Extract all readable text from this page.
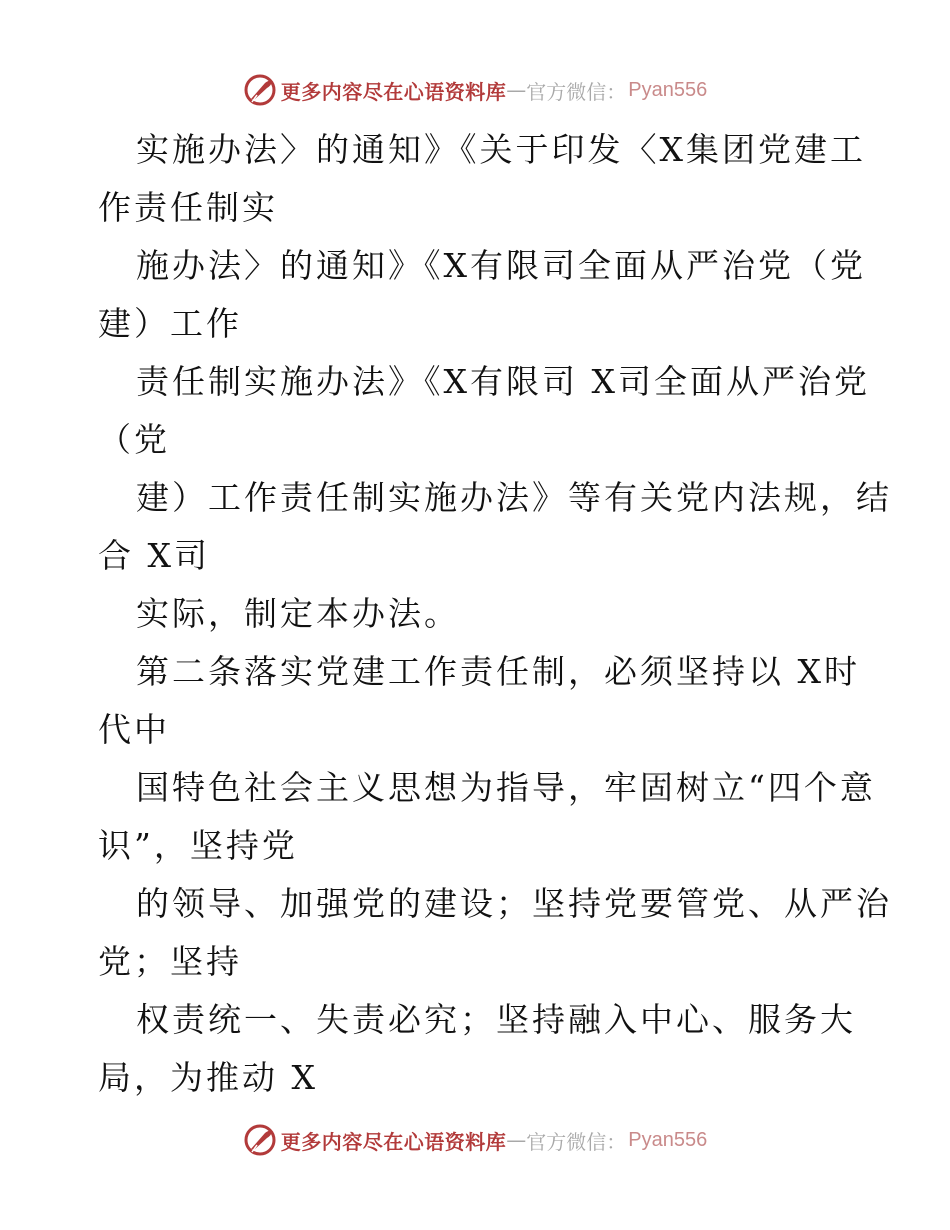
更多内容尽在心语资料库 — 官方微信： Pyan556
实施办法〉的通知》《关于印发〈X集团党建工
作责任制实
施办法〉的通知》《X有限司全面从严治党（党
建）工作
责任制实施办法》《X有限司 X司全面从严治党
（党
建）工作责任制实施办法》等有关党内法规，结
合 X司
实际，制定本办法。
第二条落实党建工作责任制，必须坚持以 X时
代中
国特色社会主义思想为指导，牢固树立“四个意
识”，坚持党
的领导、加强党的建设；坚持党要管党、从严治
党；坚持
权责统一、失责必究；坚持融入中心、服务大
局，为推动 X
更多内容尽在心语资料库 — 官方微信： Pyan556
